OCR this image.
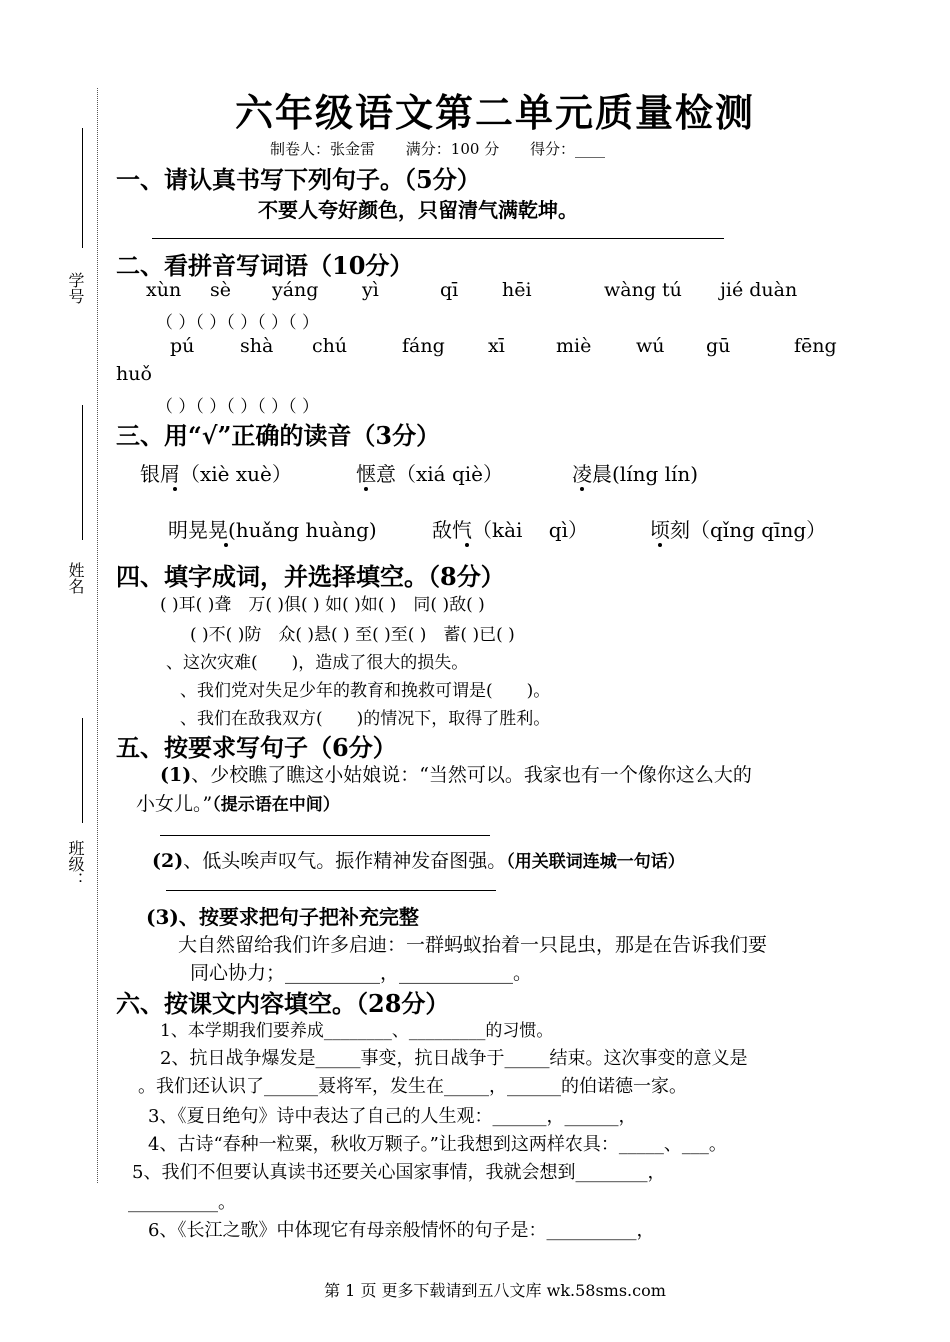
学号
姓名
班级：
六年级语文第二单元质量检测
制卷人：张金雷 满分：100 分 得分：____
一、请认真书写下列句子。（5分）
不要人夸好颜色，只留清气满乾坤。
二、看拼音写词语（10分）
xùn sè yáng yì	qī hēi	wàng tú jié duàn
（ ）（ ）（ ）（ ）（ ）
pú shà chú	fáng xī	miè wú gū	fēng
huǒ
（ ）（ ）（ ）（ ）（ ）
三、用“√”正确的读音（3分）
银屑（xiè xuè）	惬意（xiá qiè）	凌晨(líng lín)
明晃晃(huǎng huàng)	敌忾（kài　 qì）	顷刻（qǐng qīng）
四、填字成词，并选择填空。（8分）
( )耳( )聋　万( )俱( ) 如( )如( )　同( )敌( )
( )不( )防　众( )悬( ) 至( )至( )　蓄( )已( )
、这次灾难(　　)，造成了很大的损失。
、我们党对失足少年的教育和挽救可谓是(　　)。
、我们在敌我双方(　　)的情况下，取得了胜利。
五、按要求写句子（6分）
(1)、少校瞧了瞧这小姑娘说：“当然可以。我家也有一个像你这么大的
小女儿。”（提示语在中间）
(2)、低头唉声叹气。振作精神发奋图强。（用关联词连城一句话）
(3)、按要求把句子把补充完整
大自然留给我们许多启迪：一群蚂蚁抬着一只昆虫，那是在告诉我们要
同心协力；__________，____________。
六、按课文内容填空。（28分）
1、本学期我们要养成________、_________的习惯。
2、抗日战争爆发是_____事变，抗日战争于_____结束。这次事变的意义是
。我们还认识了______聂将军，发生在_____，______的伯诺德一家。
3、《夏日绝句》诗中表达了自己的人生观：______，______，
4、古诗“春种一粒粟，秋收万颗子。”让我想到这两样农具：_____、___。
5、我们不但要认真读书还要关心国家事情，我就会想到________，
__________。
6、《长江之歌》中体现它有母亲般情怀的句子是：__________，
第 1 页 更多下载请到五八文库 wk.58sms.com
